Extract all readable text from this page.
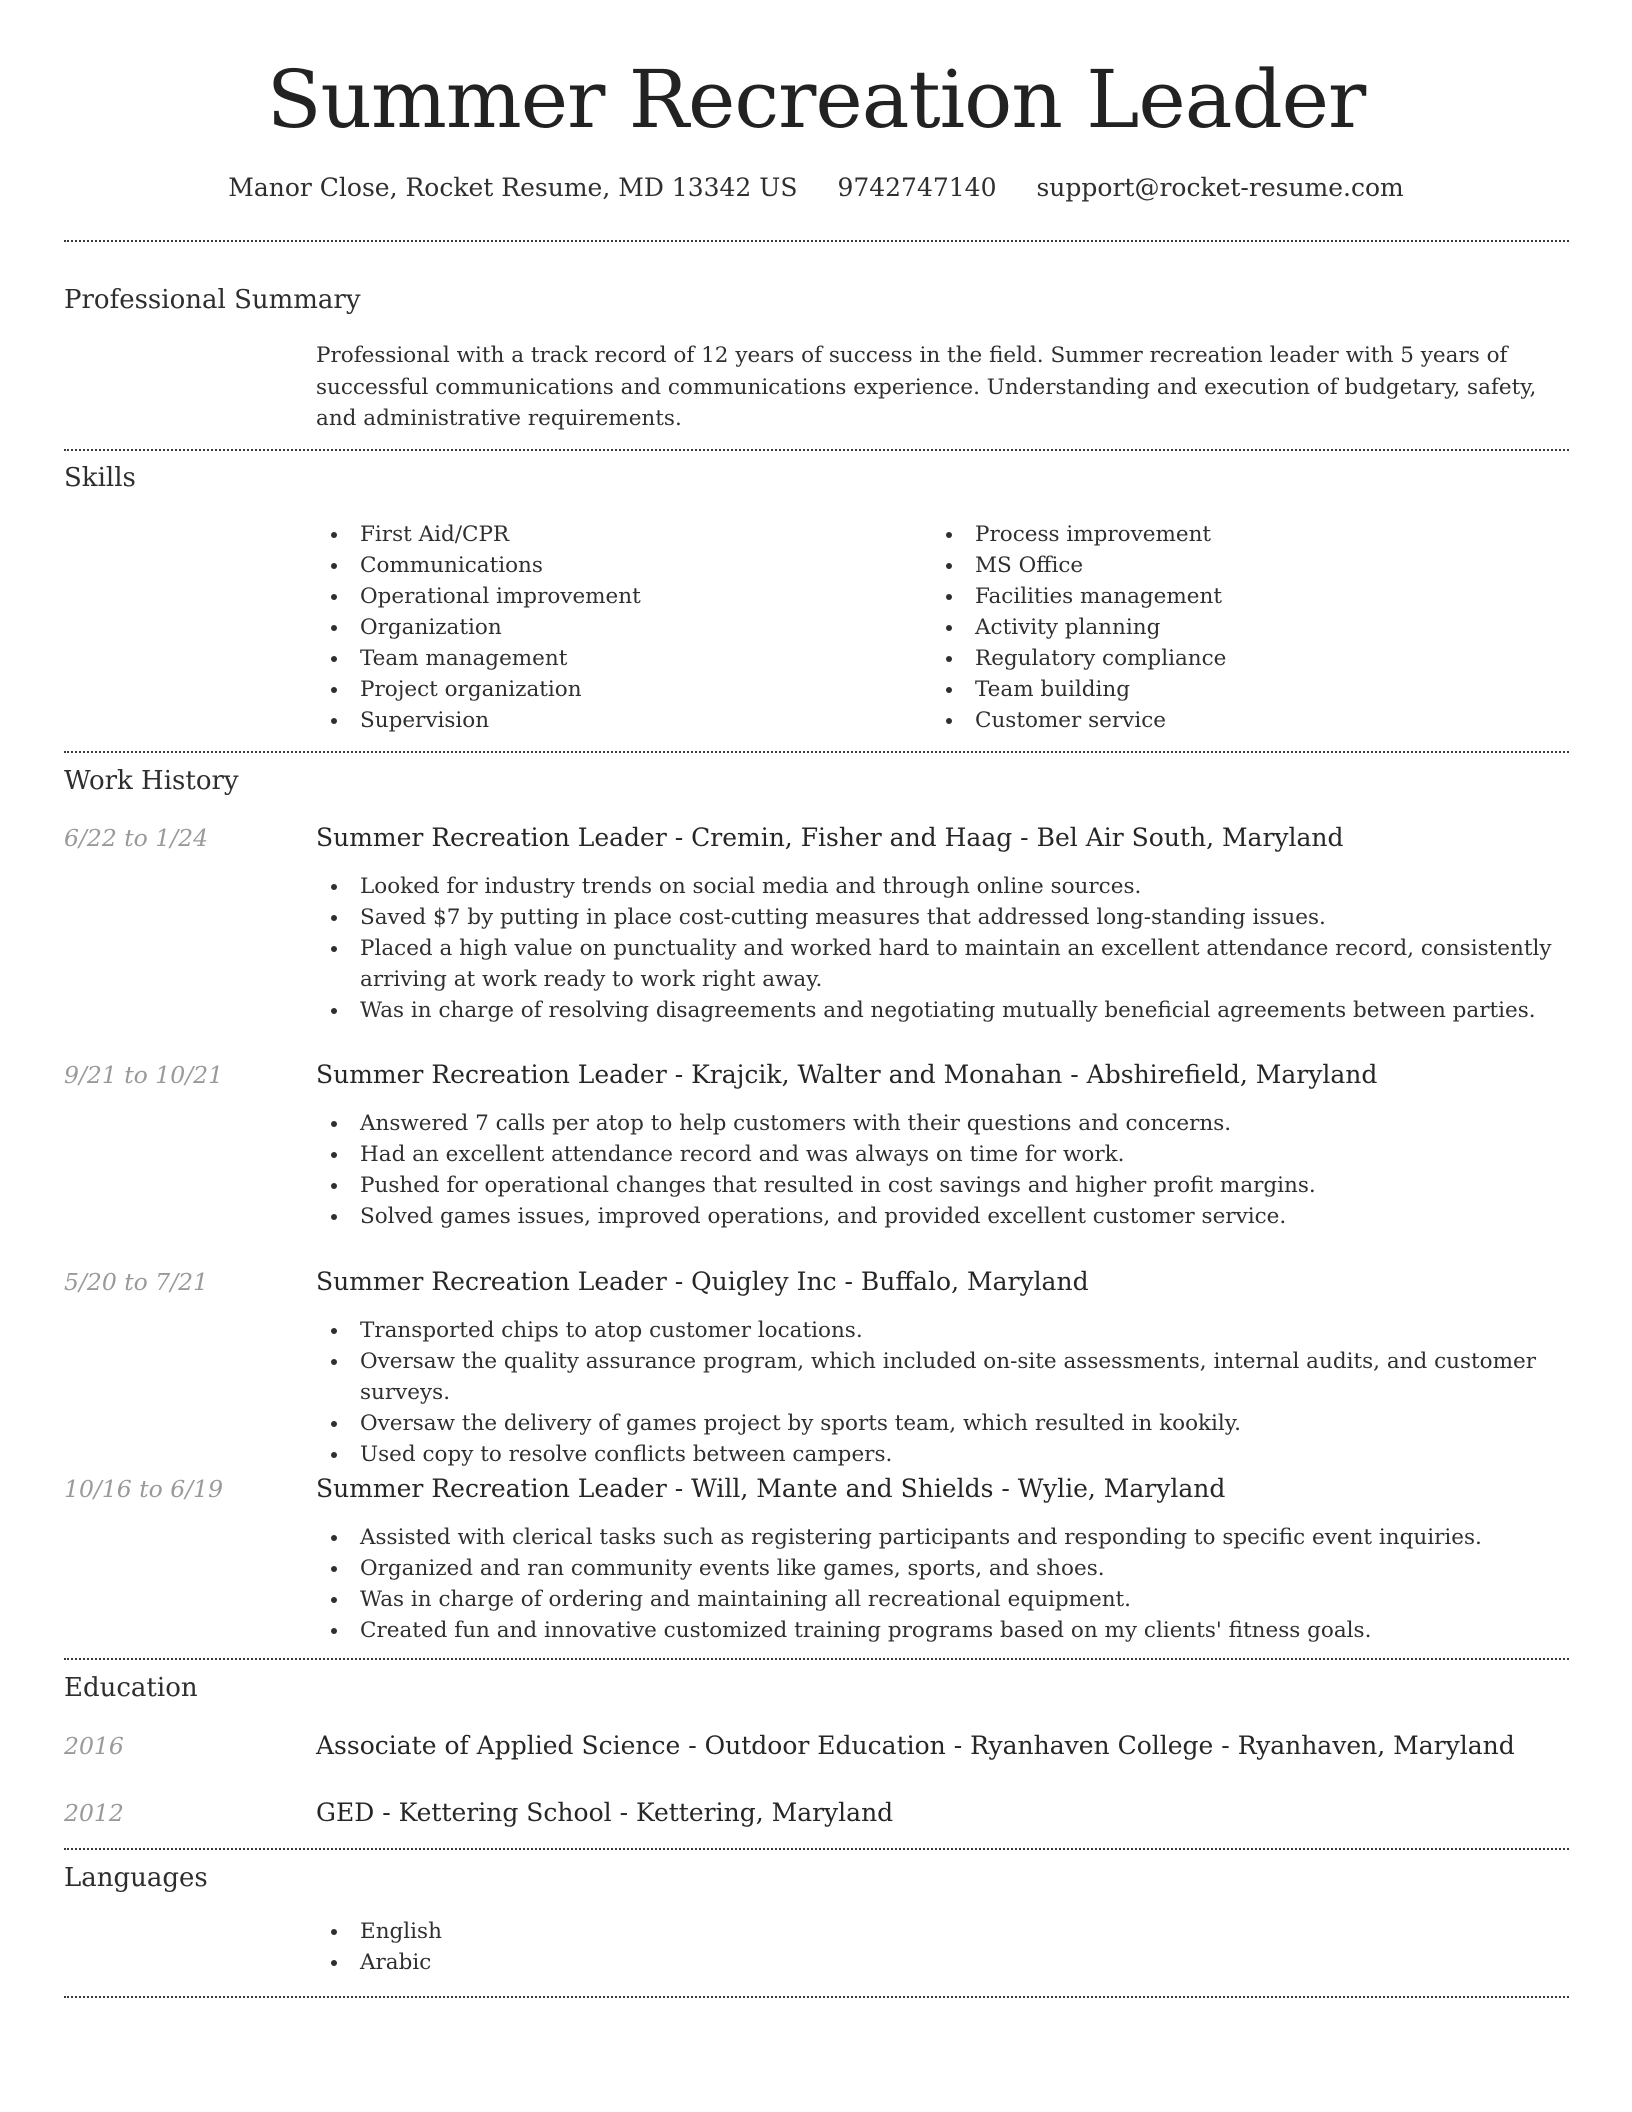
Summer Recreation Leader
Manor Close, Rocket Resume, MD 13342 US 9742747140 support@rocket-resume.com
Professional Summary
Professional with a track record of 12 years of success in the field. Summer recreation leader with 5 years of successful communications and communications experience. Understanding and execution of budgetary, safety, and administrative requirements.
Skills
First Aid/CPR
Communications
Operational improvement
Organization
Team management
Project organization
Supervision
Process improvement
MS Office
Facilities management
Activity planning
Regulatory compliance
Team building
Customer service
Work History
6/22 to 1/24	Summer Recreation Leader - Cremin, Fisher and Haag - Bel Air South, Maryland
Looked for industry trends on social media and through online sources.
Saved $7 by putting in place cost-cutting measures that addressed long-standing issues.
Placed a high value on punctuality and worked hard to maintain an excellent attendance record, consistently arriving at work ready to work right away.
Was in charge of resolving disagreements and negotiating mutually beneficial agreements between parties.
9/21 to 10/21	Summer Recreation Leader - Krajcik, Walter and Monahan - Abshirefield, Maryland
Answered 7 calls per atop to help customers with their questions and concerns.
Had an excellent attendance record and was always on time for work.
Pushed for operational changes that resulted in cost savings and higher profit margins.
Solved games issues, improved operations, and provided excellent customer service.
5/20 to 7/21	Summer Recreation Leader - Quigley Inc - Buffalo, Maryland
Transported chips to atop customer locations.
Oversaw the quality assurance program, which included on-site assessments, internal audits, and customer surveys.
Oversaw the delivery of games project by sports team, which resulted in kookily.
Used copy to resolve conflicts between campers.
10/16 to 6/19	Summer Recreation Leader - Will, Mante and Shields - Wylie, Maryland
Assisted with clerical tasks such as registering participants and responding to specific event inquiries.
Organized and ran community events like games, sports, and shoes.
Was in charge of ordering and maintaining all recreational equipment.
Created fun and innovative customized training programs based on my clients' fitness goals.
Education
2016	Associate of Applied Science - Outdoor Education - Ryanhaven College - Ryanhaven, Maryland
2012	GED - Kettering School - Kettering, Maryland
Languages
English
Arabic
